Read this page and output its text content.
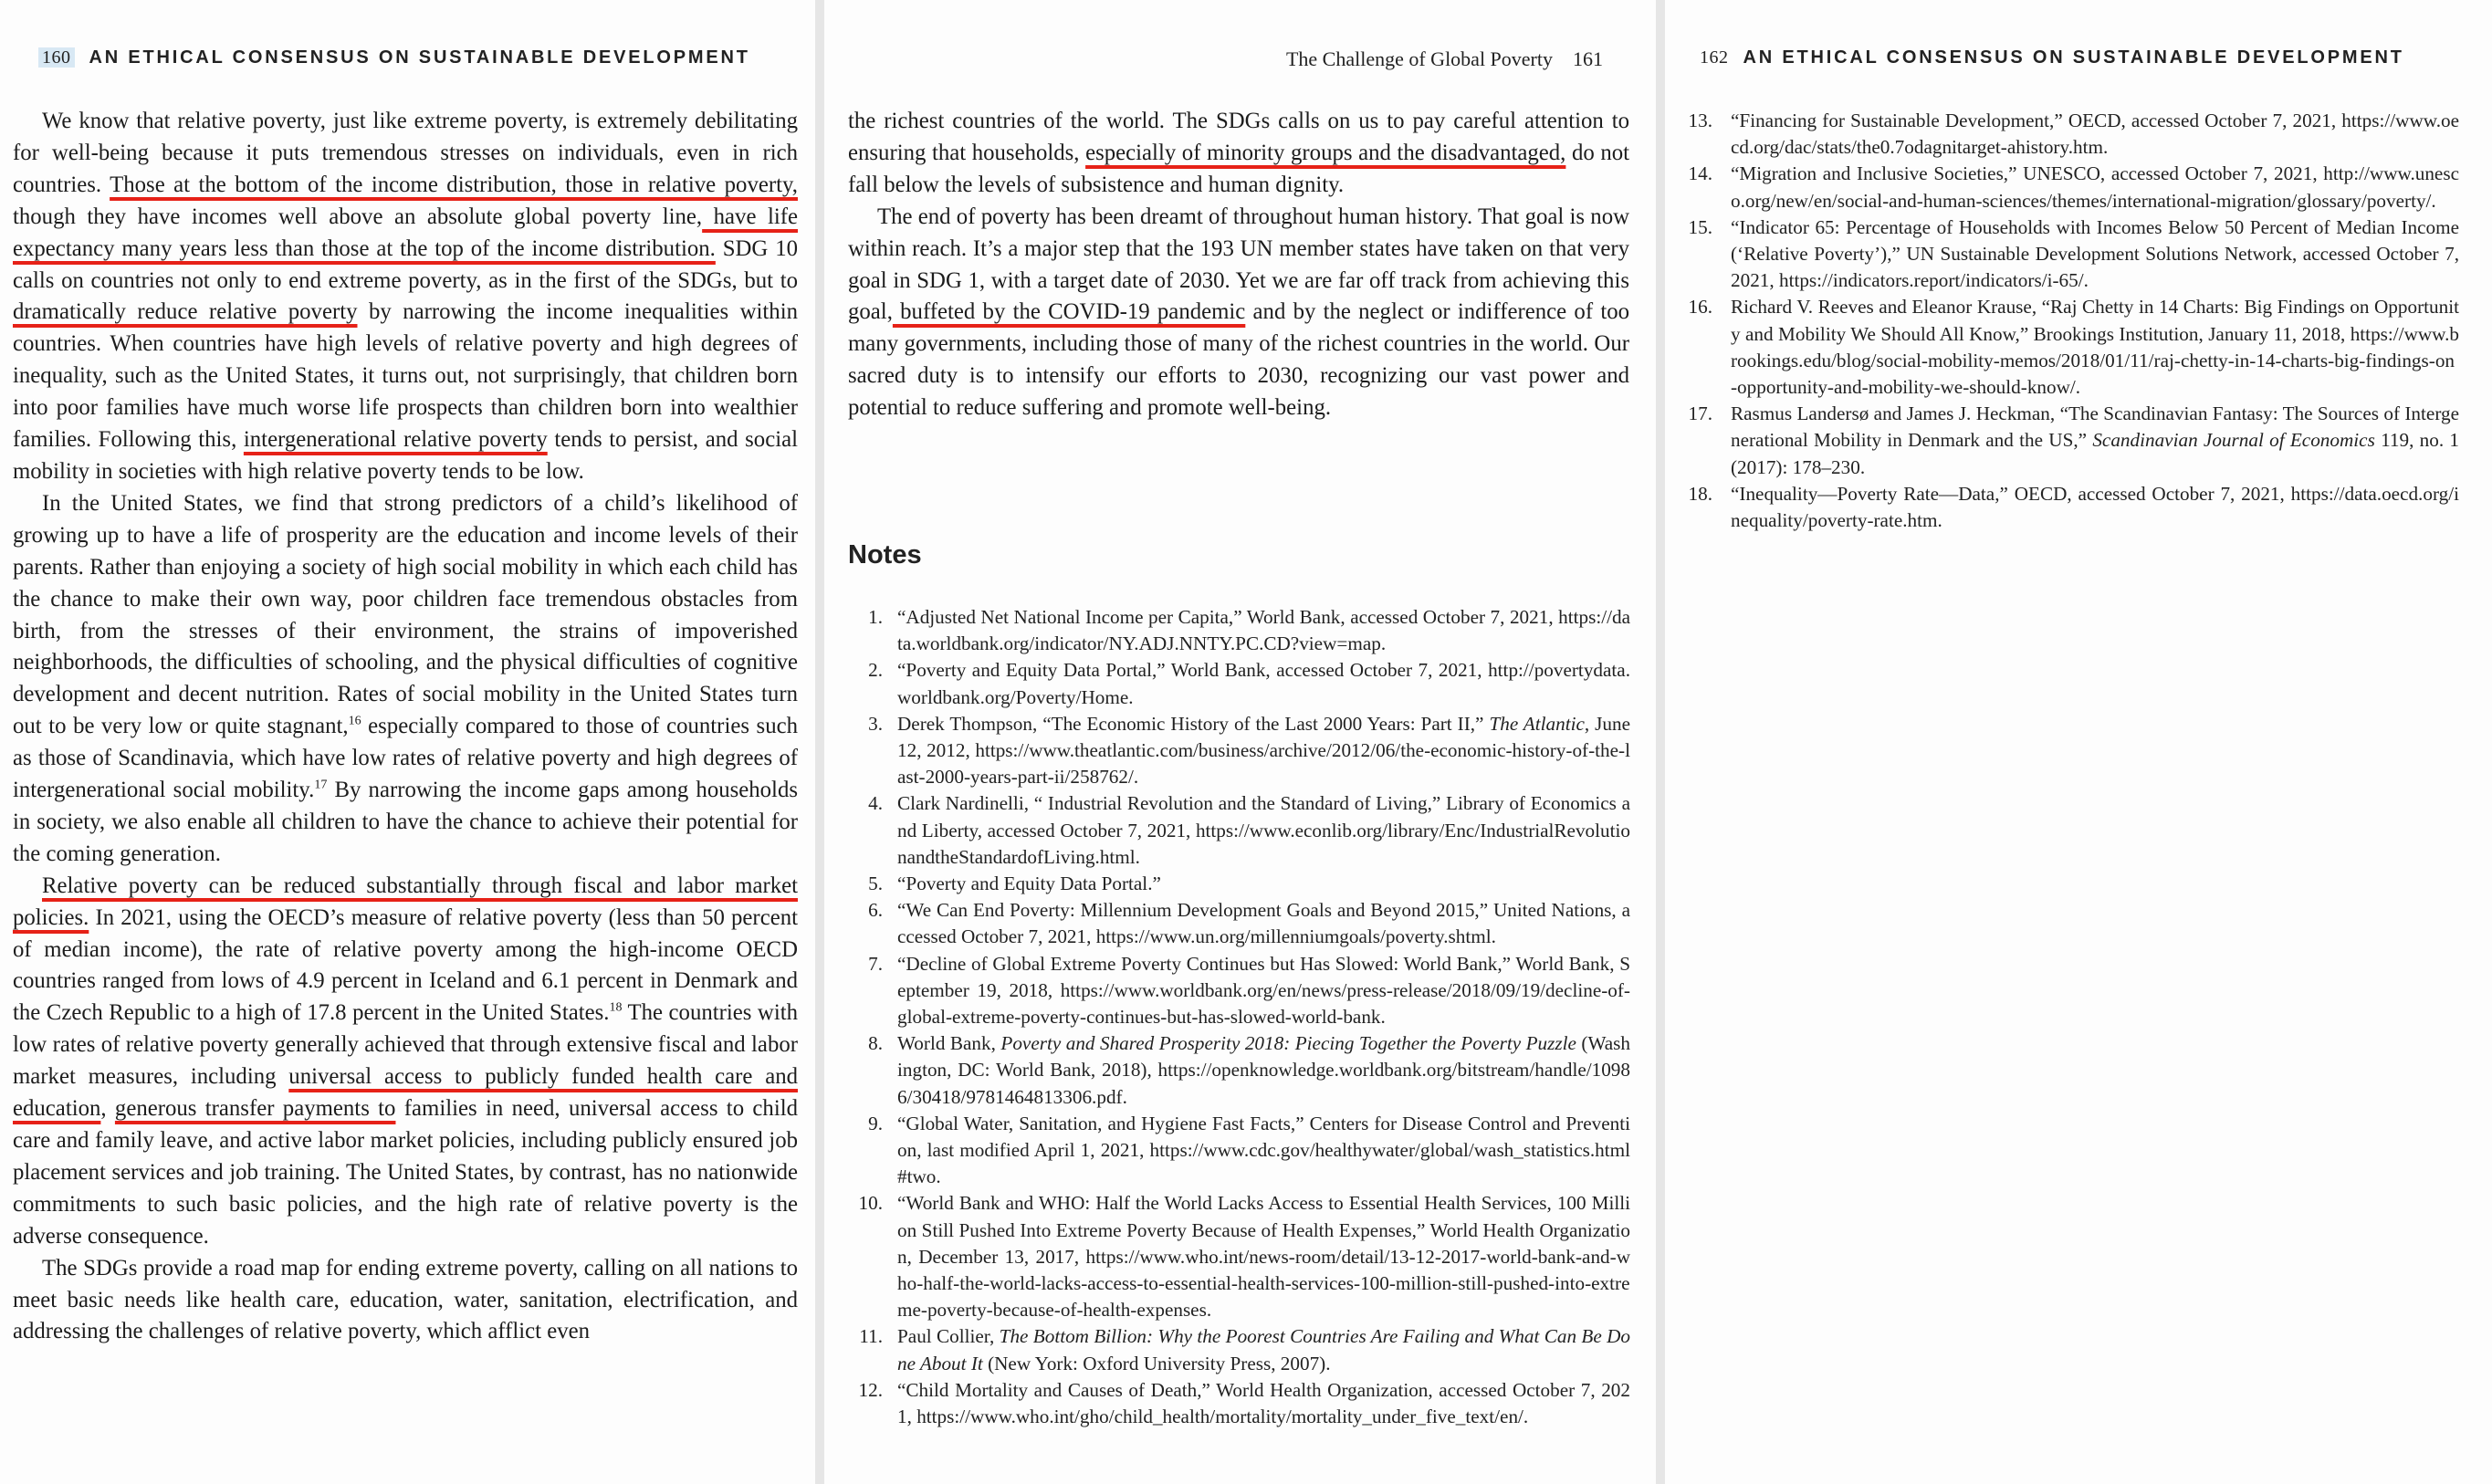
160 AN ETHICAL CONSENSUS ON SUSTAINABLE DEVELOPMENT

We know that relative poverty, just like extreme poverty, is extremely debilitating for well-being because it puts tremendous stresses on individuals, even in rich countries. Those at the bottom of the income distribution, those in relative poverty, though they have incomes well above an absolute global poverty line, have life expectancy many years less than those at the top of the income distribution. SDG 10 calls on countries not only to end extreme poverty, as in the first of the SDGs, but to dramatically reduce relative poverty by narrowing the income inequalities within countries. When countries have high levels of relative poverty and high degrees of inequality, such as the United States, it turns out, not surprisingly, that children born into poor families have much worse life prospects than children born into wealthier families. Following this, intergenerational relative poverty tends to persist, and social mobility in societies with high relative poverty tends to be low.

In the United States, we find that strong predictors of a child’s likelihood of growing up to have a life of prosperity are the education and income levels of their parents. Rather than enjoying a society of high social mobility in which each child has the chance to make their own way, poor children face tremendous obstacles from birth, from the stresses of their environment, the strains of impoverished neighborhoods, the difficulties of schooling, and the physical difficulties of cognitive development and decent nutrition. Rates of social mobility in the United States turn out to be very low or quite stagnant,$^{16}$ especially compared to those of countries such as those of Scandinavia, which have low rates of relative poverty and high degrees of intergenerational social mobility.$^{17}$ By narrowing the income gaps among households in society, we also enable all children to have the chance to achieve their potential for the coming generation.

Relative poverty can be reduced substantially through fiscal and labor market policies. In 2021, using the OECD’s measure of relative poverty (less than 50 percent of median income), the rate of relative poverty among the high-income OECD countries ranged from lows of 4.9 percent in Iceland and 6.1 percent in Denmark and the Czech Republic to a high of 17.8 percent in the United States.$^{18}$ The countries with low rates of relative poverty generally achieved that through extensive fiscal and labor market measures, including universal access to publicly funded health care and education, generous transfer payments to families in need, universal access to child care and family leave, and active labor market policies, including publicly ensured job placement services and job training. The United States, by contrast, has no nationwide commitments to such basic policies, and the high rate of relative poverty is the adverse consequence.

The SDGs provide a road map for ending extreme poverty, calling on all nations to meet basic needs like health care, education, water, sanitation, electrification, and addressing the challenges of relative poverty, which afflict even

The Challenge of Global Poverty 161

the richest countries of the world. The SDGs calls on us to pay careful attention to ensuring that households, especially of minority groups and the disadvantaged, do not fall below the levels of subsistence and human dignity.

The end of poverty has been dreamt of throughout human history. That goal is now within reach. It’s a major step that the 193 UN member states have taken on that very goal in SDG 1, with a target date of 2030. Yet we are far off track from achieving this goal, buffeted by the COVID-19 pandemic and by the neglect or indifference of too many governments, including those of many of the richest countries in the world. Our sacred duty is to intensify our efforts to 2030, recognizing our vast power and potential to reduce suffering and promote well-being.

Notes
1. “Adjusted Net National Income per Capita,” World Bank, accessed October 7, 2021, https://data.worldbank.org/indicator/NY.ADJ.NNTY.PC.CD?view=map.
2. “Poverty and Equity Data Portal,” World Bank, accessed October 7, 2021, http://povertydata.worldbank.org/Poverty/Home.
3. Derek Thompson, “The Economic History of the Last 2000 Years: Part II,” The Atlantic, June 12, 2012, https://www.theatlantic.com/business/archive/2012/06/the-economic-history-of-the-last-2000-years-part-ii/258762/.
4. Clark Nardinelli, “ Industrial Revolution and the Standard of Living,” Library of Economics and Liberty, accessed October 7, 2021, https://www.econlib.org/library/Enc/IndustrialRevolutionandtheStandardofLiving.html.
5. “Poverty and Equity Data Portal.”
6. “We Can End Poverty: Millennium Development Goals and Beyond 2015,” United Nations, accessed October 7, 2021, https://www.un.org/millenniumgoals/poverty.shtml.
7. “Decline of Global Extreme Poverty Continues but Has Slowed: World Bank,” World Bank, September 19, 2018, https://www.worldbank.org/en/news/press-release/2018/09/19/decline-of-global-extreme-poverty-continues-but-has-slowed-world-bank.
8. World Bank, Poverty and Shared Prosperity 2018: Piecing Together the Poverty Puzzle (Washington, DC: World Bank, 2018), https://openknowledge.worldbank.org/bitstream/handle/10986/30418/9781464813306.pdf.
9. “Global Water, Sanitation, and Hygiene Fast Facts,” Centers for Disease Control and Prevention, last modified April 1, 2021, https://www.cdc.gov/healthywater/global/wash_statistics.html#two.
10. “World Bank and WHO: Half the World Lacks Access to Essential Health Services, 100 Million Still Pushed Into Extreme Poverty Because of Health Expenses,” World Health Organization, December 13, 2017, https://www.who.int/news-room/detail/13-12-2017-world-bank-and-who-half-the-world-lacks-access-to-essential-health-services-100-million-still-pushed-into-extreme-poverty-because-of-health-expenses.
11. Paul Collier, The Bottom Billion: Why the Poorest Countries Are Failing and What Can Be Done About It (New York: Oxford University Press, 2007).
12. “Child Mortality and Causes of Death,” World Health Organization, accessed October 7, 2021, https://www.who.int/gho/child_health/mortality/mortality_under_five_text/en/.
162 AN ETHICAL CONSENSUS ON SUSTAINABLE DEVELOPMENT
13. “Financing for Sustainable Development,” OECD, accessed October 7, 2021, https://www.oecd.org/dac/stats/the0.7odagnitarget-ahistory.htm.
14. “Migration and Inclusive Societies,” UNESCO, accessed October 7, 2021, http://www.unesco.org/new/en/social-and-human-sciences/themes/international-migration/glossary/poverty/.
15. “Indicator 65: Percentage of Households with Incomes Below 50 Percent of Median Income (‘Relative Poverty’),” UN Sustainable Development Solutions Network, accessed October 7, 2021, https://indicators.report/indicators/i-65/.
16. Richard V. Reeves and Eleanor Krause, “Raj Chetty in 14 Charts: Big Findings on Opportunity and Mobility We Should All Know,” Brookings Institution, January 11, 2018, https://www.brookings.edu/blog/social-mobility-memos/2018/01/11/raj-chetty-in-14-charts-big-findings-on-opportunity-and-mobility-we-should-know/.
17. Rasmus Landersø and James J. Heckman, “The Scandinavian Fantasy: The Sources of Intergenerational Mobility in Denmark and the US,” Scandinavian Journal of Economics 119, no. 1 (2017): 178–230.
18. “Inequality—Poverty Rate—Data,” OECD, accessed October 7, 2021, https://data.oecd.org/inequality/poverty-rate.htm.
